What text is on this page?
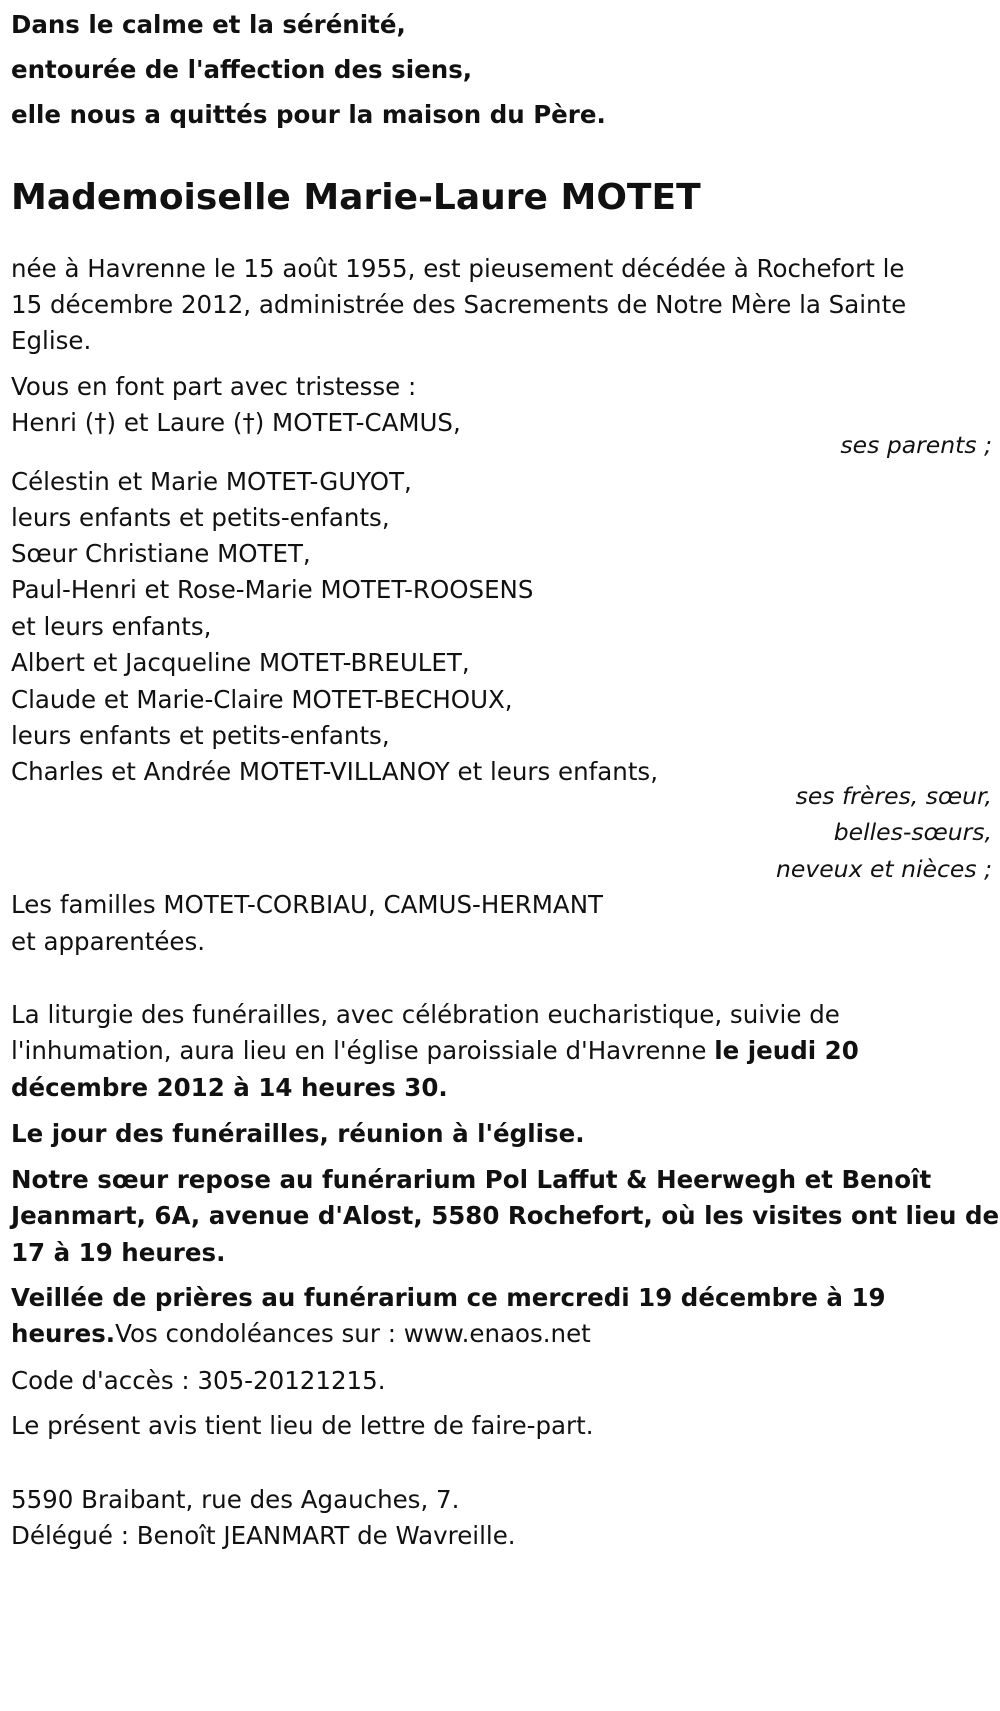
Dans le calme et la sérénité,
entourée de l'affection des siens,
elle nous a quittés pour la maison du Père.
Mademoiselle Marie-Laure MOTET
née à Havrenne le 15 août 1955, est pieusement décédée à Rochefort le
15 décembre 2012, administrée des Sacrements de Notre Mère la Sainte
Eglise.
Vous en font part avec tristesse :
Henri (†) et Laure (†) MOTET-CAMUS,
ses parents ;
Célestin et Marie MOTET-GUYOT,
leurs enfants et petits-enfants,
Sœur Christiane MOTET,
Paul-Henri et Rose-Marie MOTET-ROOSENS
et leurs enfants,
Albert et Jacqueline MOTET-BREULET,
Claude et Marie-Claire MOTET-BECHOUX,
leurs enfants et petits-enfants,
Charles et Andrée MOTET-VILLANOY et leurs enfants,
ses frères, sœur,
belles-sœurs,
neveux et nièces ;
Les familles MOTET-CORBIAU, CAMUS-HERMANT
et apparentées.
La liturgie des funérailles, avec célébration eucharistique, suivie de
l'inhumation, aura lieu en l'église paroissiale d'Havrenne le jeudi 20
décembre 2012 à 14 heures 30.
Le jour des funérailles, réunion à l'église.
Notre sœur repose au funérarium Pol Laffut & Heerwegh et Benoît
Jeanmart, 6A, avenue d'Alost, 5580 Rochefort, où les visites ont lieu de
17 à 19 heures.
Veillée de prières au funérarium ce mercredi 19 décembre à 19
heures.Vos condoléances sur : www.enaos.net
Code d'accès : 305-20121215.
Le présent avis tient lieu de lettre de faire-part.
5590 Braibant, rue des Agauches, 7.
Délégué : Benoît JEANMART de Wavreille.
